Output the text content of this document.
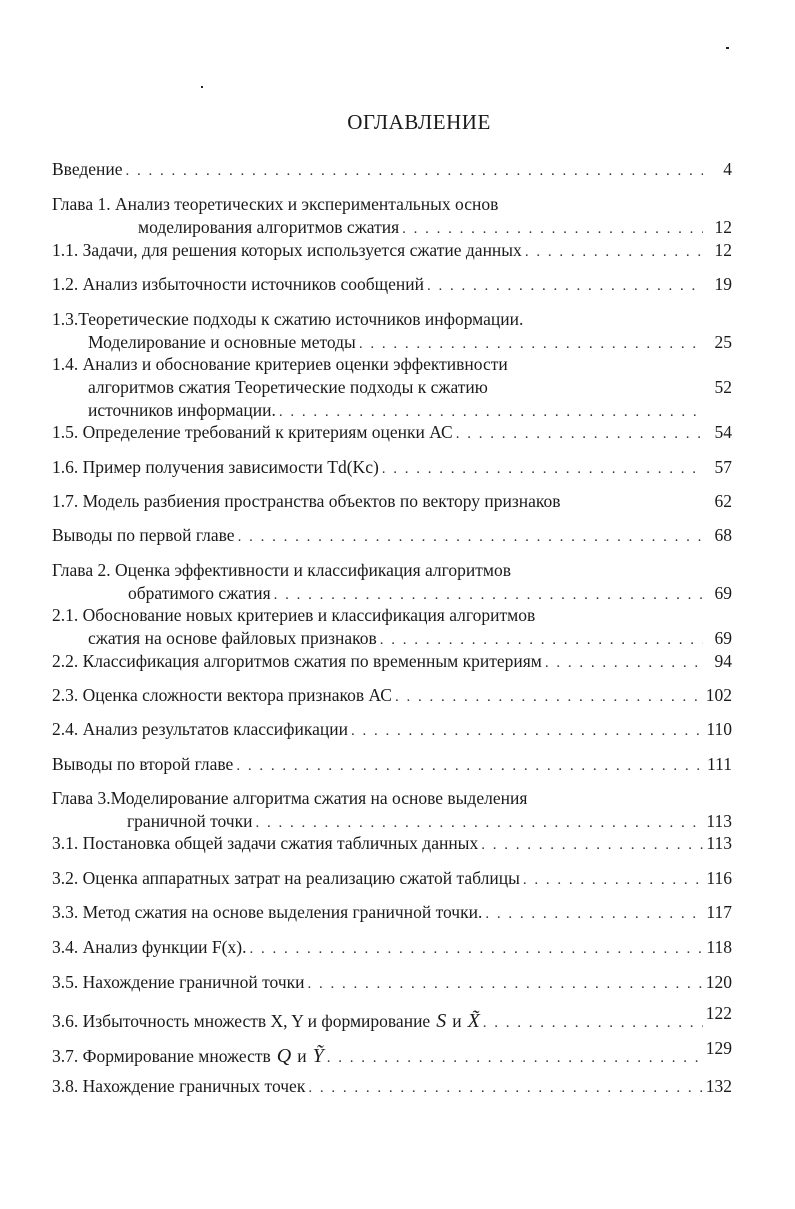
ОГЛАВЛЕНИЕ
Введение . . .	4
Глава 1. Анализ теоретических и экспериментальных основ
моделирования алгоритмов сжатия . . .	12
1.1. Задачи, для решения которых используется сжатие данных . . .	12
1.2. Анализ избыточности источников сообщений . . .	19
1.3.Теоретические подходы к сжатию источников информации.
Моделирование и основные методы . . .	25
1.4. Анализ и обоснование критериев оценки эффективности
алгоритмов сжатия Теоретические подходы к сжатию	52
источников информации.
. . .
1.5. Определение требований к критериям оценки АС . . .	54
1.6. Пример получения зависимости Td(Kc) . . .	57
1.7. Модель разбиения пространства объектов по вектору признаков	62
Выводы по первой главе . . .	68
Глава 2. Оценка эффективности и классификация алгоритмов
обратимого сжатия . . .	69
2.1. Обоснование новых критериев и классификация алгоритмов
сжатия на основе файловых признаков . . .	69
2.2. Классификация алгоритмов сжатия по временным критериям . . .	94
2.3. Оценка сложности вектора признаков АС . . .	102
2.4. Анализ результатов классификации . . .	110
Выводы по второй главе . . .	111
Глава 3.Моделирование алгоритма сжатия на основе выделения
граничной точки . . .	113
3.1. Постановка общей задачи сжатия табличных данных . . .	113
3.2. Оценка аппаратных затрат на реализацию сжатой таблицы . . .	116
3.3. Метод сжатия на основе выделения граничной точки. . . .	117
3.4. Анализ функции F(x). . . .	118
3.5. Нахождение граничной точки . . .	120
3.6. Избыточность множеств X, Y и формирование S и X̃ . . .	122
3.7. Формирование множеств Q и Ỹ . . .	129
3.8. Нахождение граничных точек . . .	132
